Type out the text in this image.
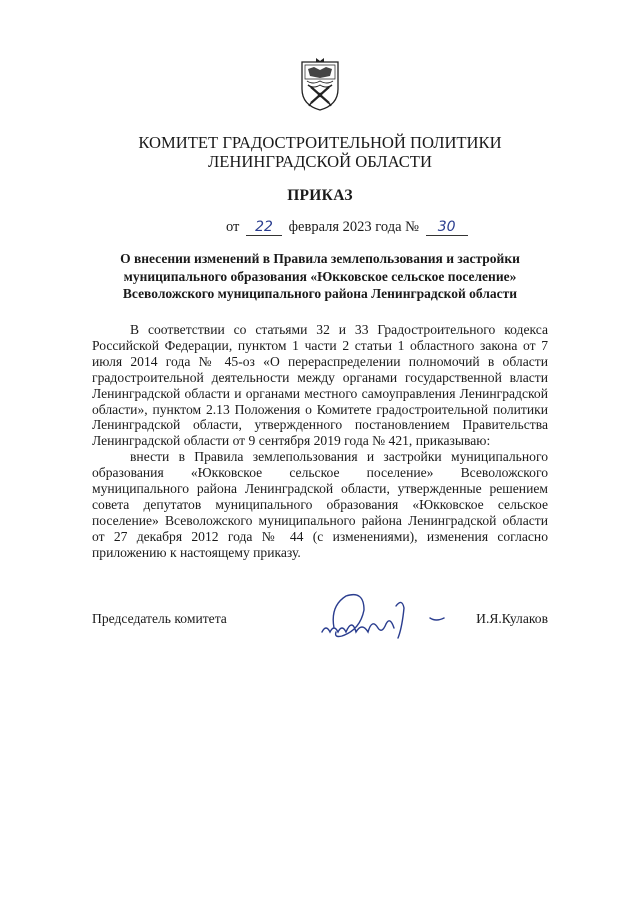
КОМИТЕТ ГРАДОСТРОИТЕЛЬНОЙ ПОЛИТИКИ
ЛЕНИНГРАДСКОЙ ОБЛАСТИ
ПРИКАЗ
от 22 февраля 2023 года № 30
О внесении изменений в Правила землепользования и застройки
муниципального образования «Юкковское сельское поселение»
Всеволожского муниципального района Ленинградской области

В соответствии со статьями 32 и 33 Градостроительного кодекса Российской Федерации, пунктом 1 части 2 статьи 1 областного закона от 7 июля 2014 года № 45-оз «О перераспределении полномочий в области градостроительной деятельности между органами государственной власти Ленинградской области и органами местного самоуправления Ленинградской области», пунктом 2.13 Положения о Комитете градостроительной политики Ленинградской области, утвержденного постановлением Правительства Ленинградской области от 9 сентября 2019 года № 421, приказываю:

внести в Правила землепользования и застройки муниципального образования «Юкковское сельское поселение» Всеволожского муниципального района Ленинградской области, утвержденные решением совета депутатов муниципального образования «Юкковское сельское поселение» Всеволожского муниципального района Ленинградской области от 27 декабря 2012 года № 44 (с изменениями), изменения согласно приложению к настоящему приказу.

Председатель комитета	И.Я.Кулаков
